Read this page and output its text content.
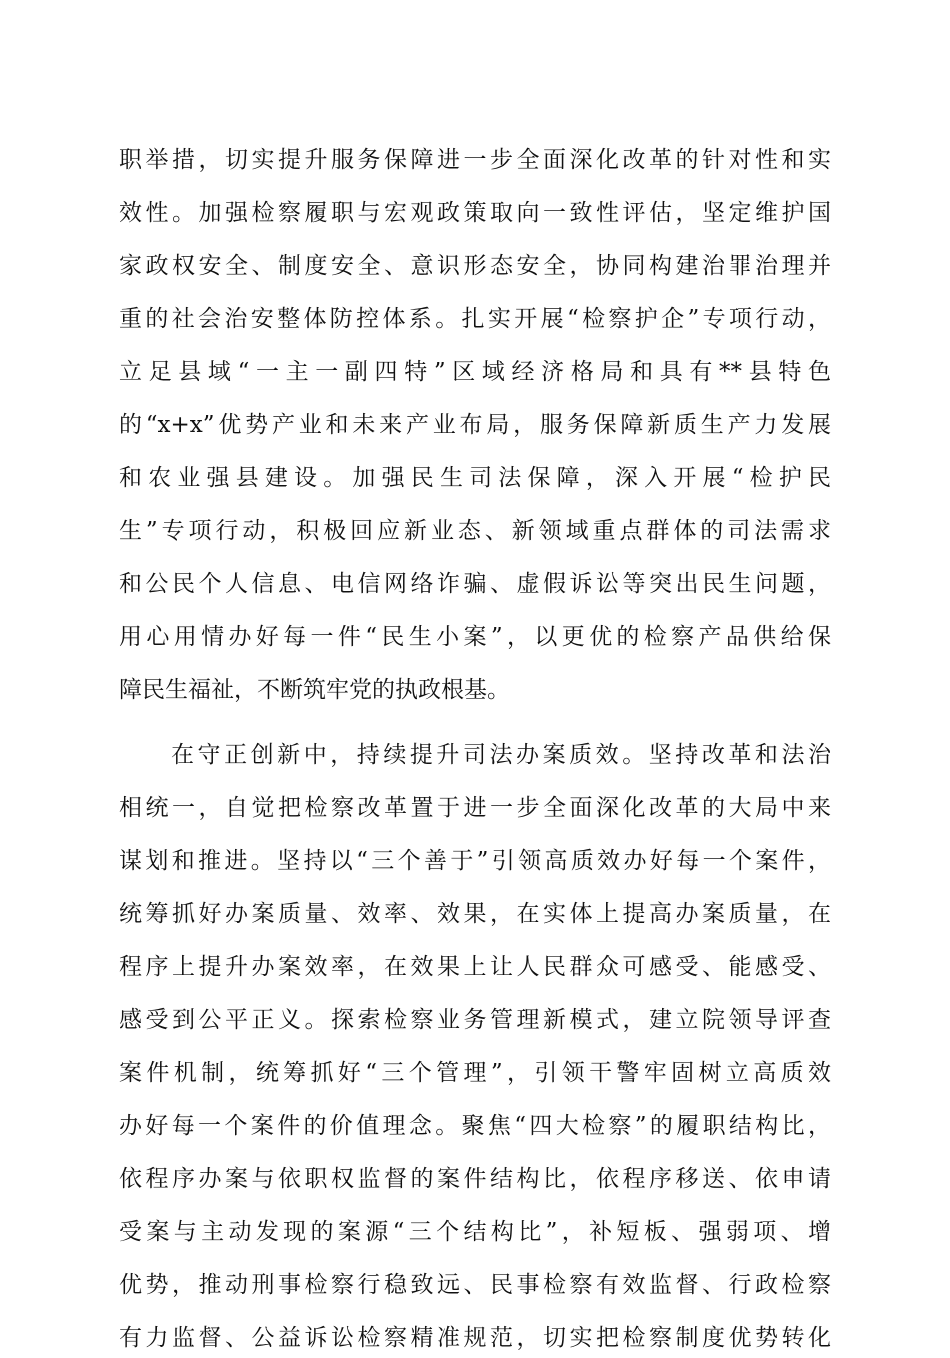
职举措，切实提升服务保障进一步全面深化改革的针对性和实

效性。加强检察履职与宏观政策取向一致性评估，坚定维护国

家政权安全、制度安全、意识形态安全，协同构建治罪治理并

重的社会治安整体防控体系。扎实开展“检察护企”专项行动，

立足县域“一主一副四特”区域经济格局和具有**县特色

的“x+x”优势产业和未来产业布局，服务保障新质生产力发展

和农业强县建设。加强民生司法保障，深入开展“检护民

生”专项行动，积极回应新业态、新领域重点群体的司法需求

和公民个人信息、电信网络诈骗、虚假诉讼等突出民生问题，

用心用情办好每一件“民生小案”，以更优的检察产品供给保

障民生福祉，不断筑牢党的执政根基。

在守正创新中，持续提升司法办案质效。坚持改革和法治

相统一，自觉把检察改革置于进一步全面深化改革的大局中来

谋划和推进。坚持以“三个善于”引领高质效办好每一个案件，

统筹抓好办案质量、效率、效果，在实体上提高办案质量，在

程序上提升办案效率，在效果上让人民群众可感受、能感受、

感受到公平正义。探索检察业务管理新模式，建立院领导评查

案件机制，统筹抓好“三个管理”，引领干警牢固树立高质效

办好每一个案件的价值理念。聚焦“四大检察”的履职结构比，

依程序办案与依职权监督的案件结构比，依程序移送、依申请

受案与主动发现的案源“三个结构比”，补短板、强弱项、增

优势，推动刑事检察行稳致远、民事检察有效监督、行政检察

有力监督、公益诉讼检察精准规范，切实把检察制度优势转化
